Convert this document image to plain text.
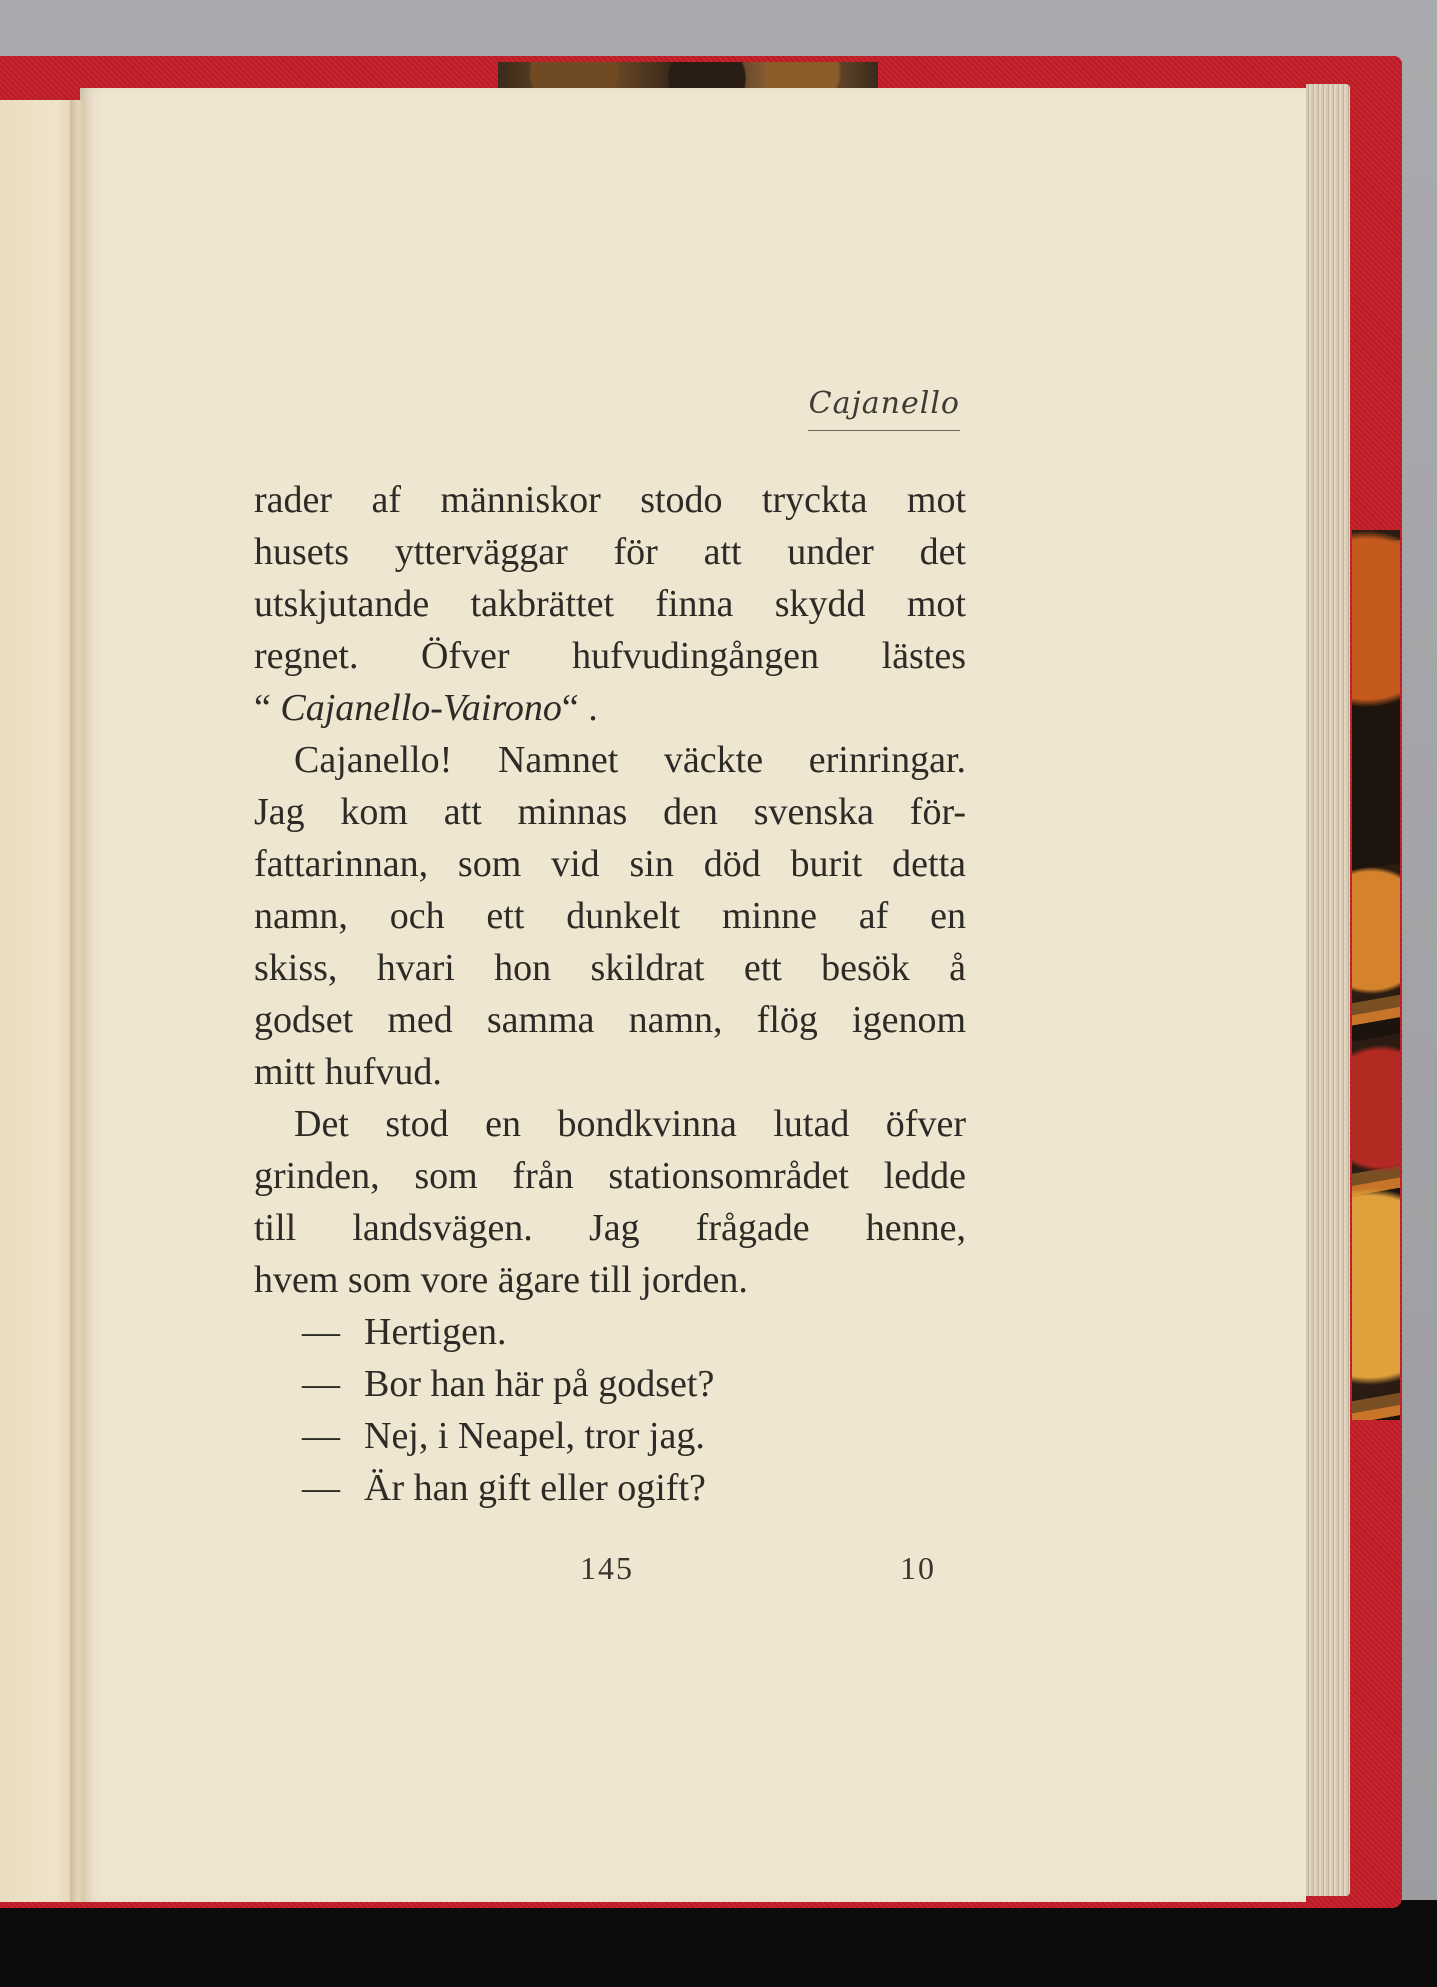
Cajanello
rader af människor stodo tryckta mot
husets ytterväggar för att under det
utskjutande takbrättet finna skydd mot
regnet. Öfver hufvudingången lästes
“ Cajanello-Vairono“ .
Cajanello! Namnet väckte erinringar.
Jag kom att minnas den svenska för-
fattarinnan, som vid sin död burit detta
namn, och ett dunkelt minne af en
skiss, hvari hon skildrat ett besök å
godset med samma namn, flög igenom
mitt hufvud.
Det stod en bondkvinna lutad öfver
grinden, som från stationsområdet ledde
till landsvägen. Jag frågade henne,
hvem som vore ägare till jorden.
— Hertigen.
— Bor han här på godset?
— Nej, i Neapel, tror jag.
— Är han gift eller ogift?
145	10
